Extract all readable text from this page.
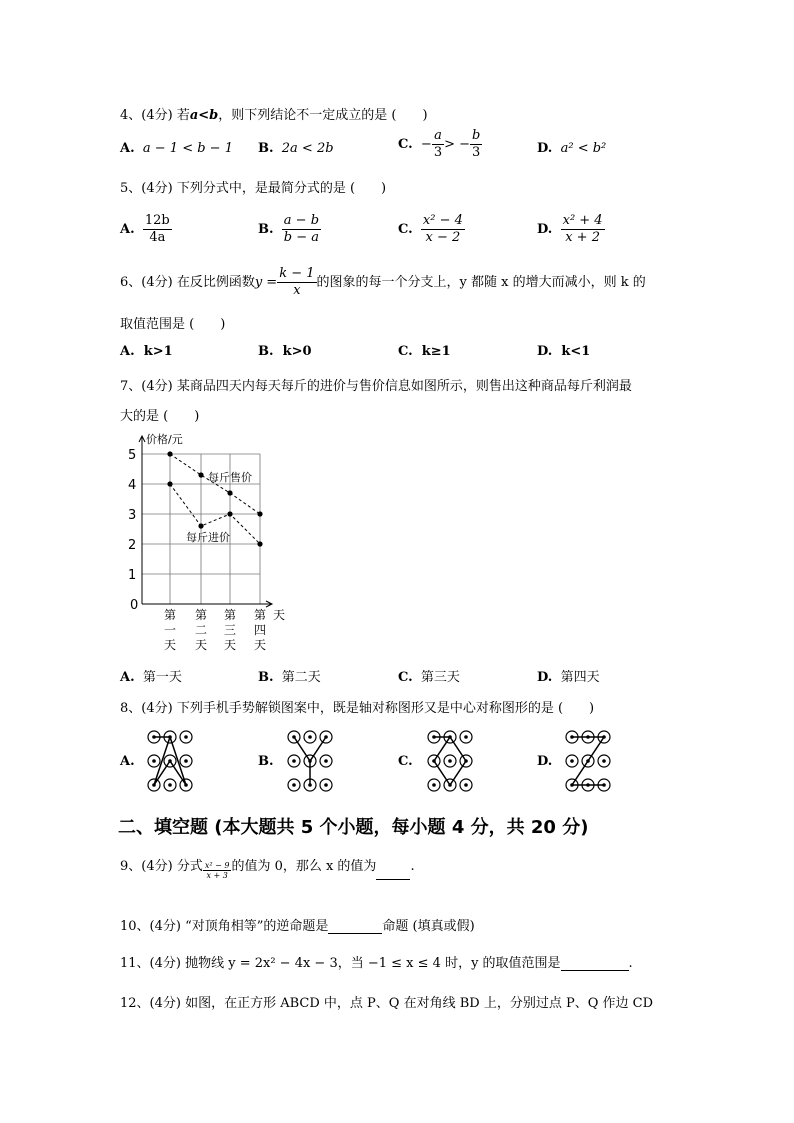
4、(4分) 若a<b，则下列结论不一定成立的是 (　　)
A. a − 1 < b − 1 B. 2a < 2b	C. − $\frac{a}{3}$ > − $\frac{b}{3}$	D. a² < b²
5、(4分) 下列分式中，是最简分式的是 (　　)
A. $\frac{12b}{4a}$	B. $\frac{a - b}{b - a}$	C. $\frac{\text{x² − 4}}{x - 2}$	D. $\frac{\text{x² + 4}}{x + 2}$
6、(4分) 在反比例函数$y = \frac{k - 1}{x}$ 的图象的每一个分支上，y 都随 x 的增大而减小，则 k 的
取值范围是 (　　)
A. k>1	B. k>0	C. k≥1	D. k<1
7、(4分) 某商品四天内每天每斤的进价与售价信息如图所示，则售出这种商品每斤利润最
大的是 (　　)
0
1
2
3
4
5
价格/元
天
第
一
天
第
二
天
第
三
天
第
四
天
每斤售价
每斤进价
A. 第一天	B. 第二天	C. 第三天	D. 第四天
8、(4分) 下列手机手势解锁图案中，既是轴对称图形又是中心对称图形的是 (　　)
A.	B.	C.	D.
二、填空题 (本大题共 5 个小题，每小题 4 分，共 20 分)
9、(4分) 分式 $\frac{\text{x² − 9}}{x + 3}$ 的值为 0，那么 x 的值为	.
10、(4分) “对顶角相等”的逆命题是	命题 (填真或假)
11、(4分) 抛物线 y = 2x² − 4x − 3，当 −1 ≤ x ≤ 4 时，y 的取值范围是	.
12、(4分) 如图，在正方形 ABCD 中，点 P、Q 在对角线 BD 上，分别过点 P、Q 作边 CD
